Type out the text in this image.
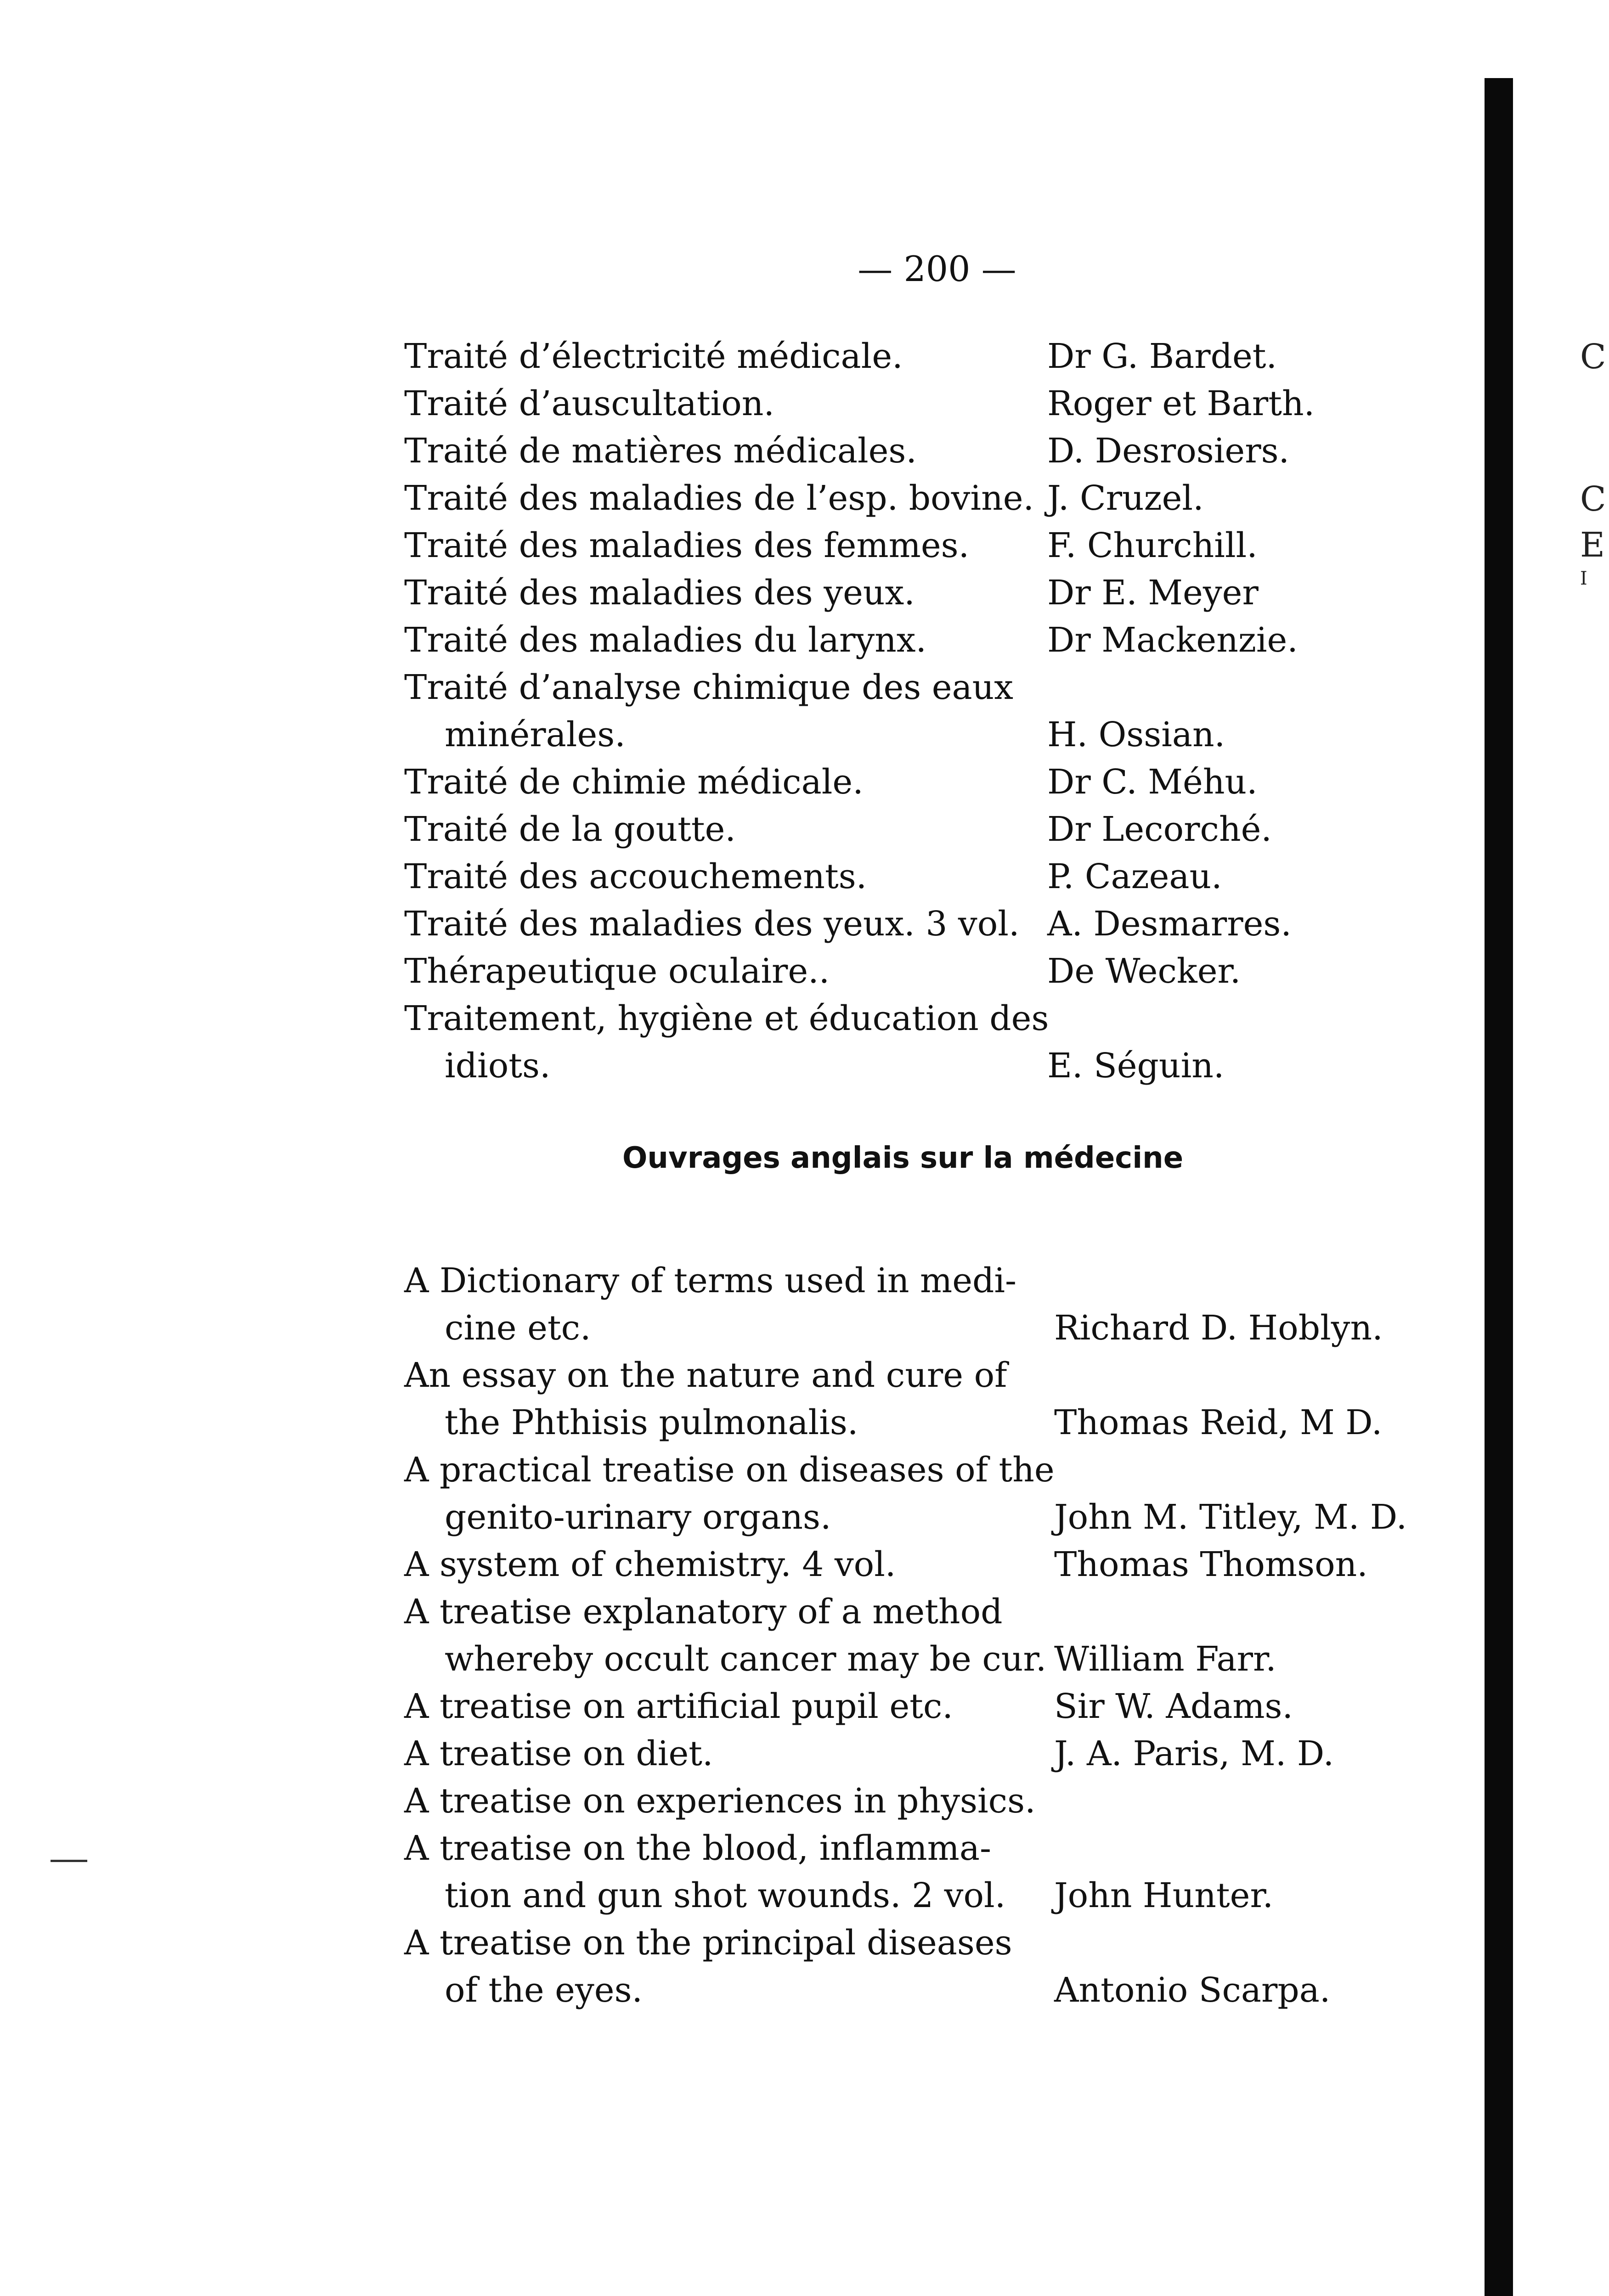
— 200 —
Traité d’électricité médicale.	Dr G. Bardet.
Traité d’auscultation.	Roger et Barth.
Traité de matières médicales.	D. Desrosiers.
Traité des maladies de l’esp. bovine. J. Cruzel.
Traité des maladies des femmes. F. Churchill.
Traité des maladies des yeux.	Dr E. Meyer
Traité des maladies du larynx.	Dr Mackenzie.
Traité d’analyse chimique des eaux
minérales.	H. Ossian.
Traité de chimie médicale.	Dr C. Méhu.
Traité de la goutte.	Dr Lecorché.
Traité des accouchements.	P. Cazeau.
Traité des maladies des yeux. 3 vol. A. Desmarres.
Thérapeutique oculaire..	De Wecker.
Traitement, hygiène et éducation des
idiots.	E. Séguin.
Ouvrages anglais sur la médecine
A Dictionary of terms used in medi-
cine etc.	Richard D. Hoblyn.
An essay on the nature and cure of
the Phthisis pulmonalis.	Thomas Reid, M D.
A practical treatise on diseases of the
genito-urinary organs.	John M. Titley, M. D.
A system of chemistry. 4 vol.	Thomas Thomson.
A treatise explanatory of a method
whereby occult cancer may be cur. William Farr.
A treatise on artificial pupil etc.	Sir W. Adams.
A treatise on diet.	J. A. Paris, M. D.
A treatise on experiences in physics.
A treatise on the blood, inflamma-
tion and gun shot wounds. 2 vol. John Hunter.
A treatise on the principal diseases
of the eyes.	Antonio Scarpa.
C
C
E
I
